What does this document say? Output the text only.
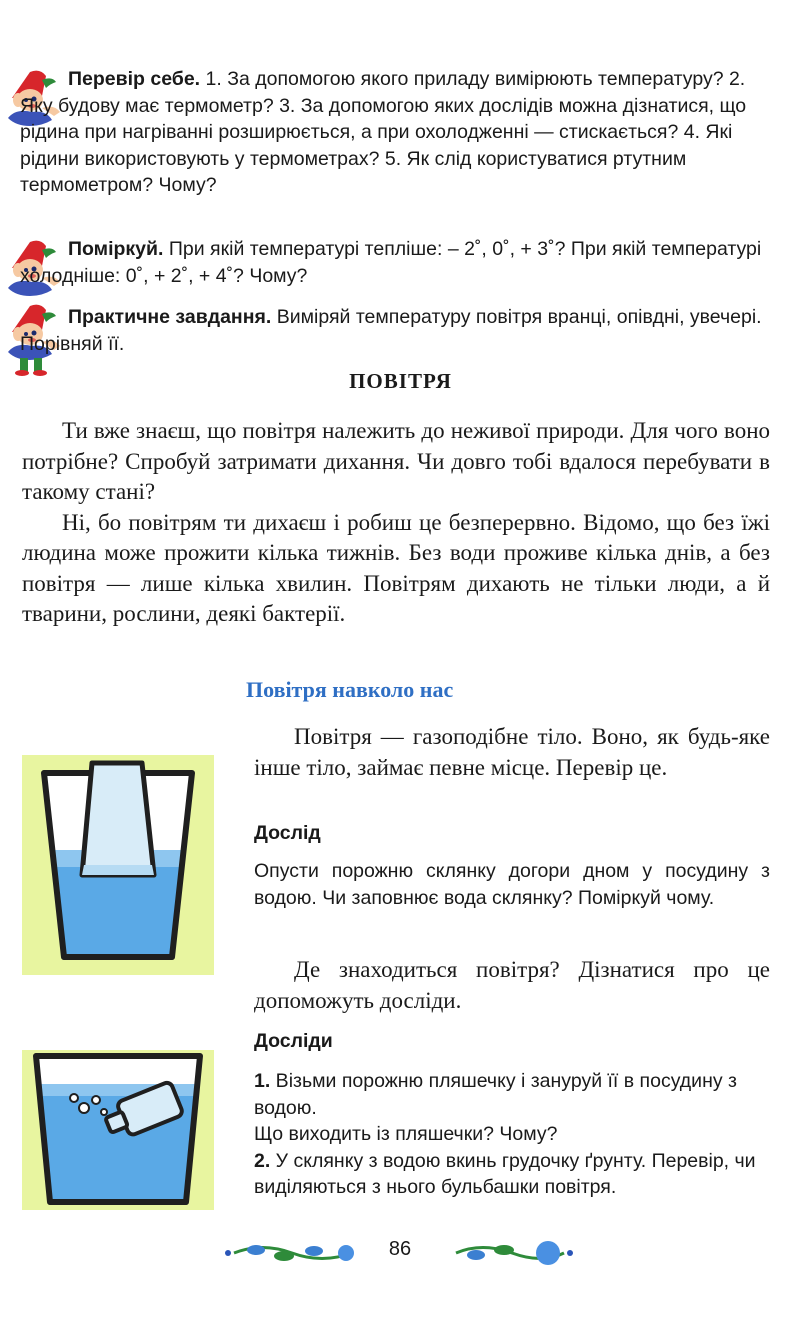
Перевір себе. 1. За допомогою якого приладу вимірюють температуру? 2. Яку будову має термометр? 3. За допомогою яких дослідів можна дізнатися, що рідина при нагріванні розширюється, а при охолодженні — стискається? 4. Які рідини використовують у термометрах? 5. Як слід користуватися ртутним термометром? Чому?
Поміркуй. При якій температурі тепліше: – 2˚, 0˚, + 3˚? При якій температурі холодніше: 0˚, + 2˚, + 4˚? Чому?
Практичне завдання. Виміряй температуру повітря вранці, опівдні, увечері. Порівняй її.
ПОВІТРЯ

Ти вже знаєш, що повітря належить до неживої природи. Для чого воно потрібне? Спробуй затримати дихання. Чи довго тобі вдалося перебувати в такому стані?

Ні, бо повітрям ти дихаєш і робиш це безперервно. Відомо, що без їжі людина може прожити кілька тижнів. Без води проживе кілька днів, а без повітря — лише кілька хвилин. Повітрям дихають не тільки люди, а й тварини, рослини, деякі бактерії.

Повітря навколо нас

Повітря — газоподібне тіло. Воно, як будь-яке інше тіло, займає певне місце. Перевір це.

Дослід
Опусти порожню склянку догори дном у посудину з водою. Чи заповнює вода склянку? Поміркуй чому.

Де знаходиться повітря? Дізнатися про це допоможуть досліди.

Досліди
1. Візьми порожню пляшечку і зануруй її в посудину з водою.
Що виходить із пляшечки? Чому?
2. У склянку з водою вкинь грудочку ґрунту. Перевір, чи виділяються з нього бульбашки повітря.
86
